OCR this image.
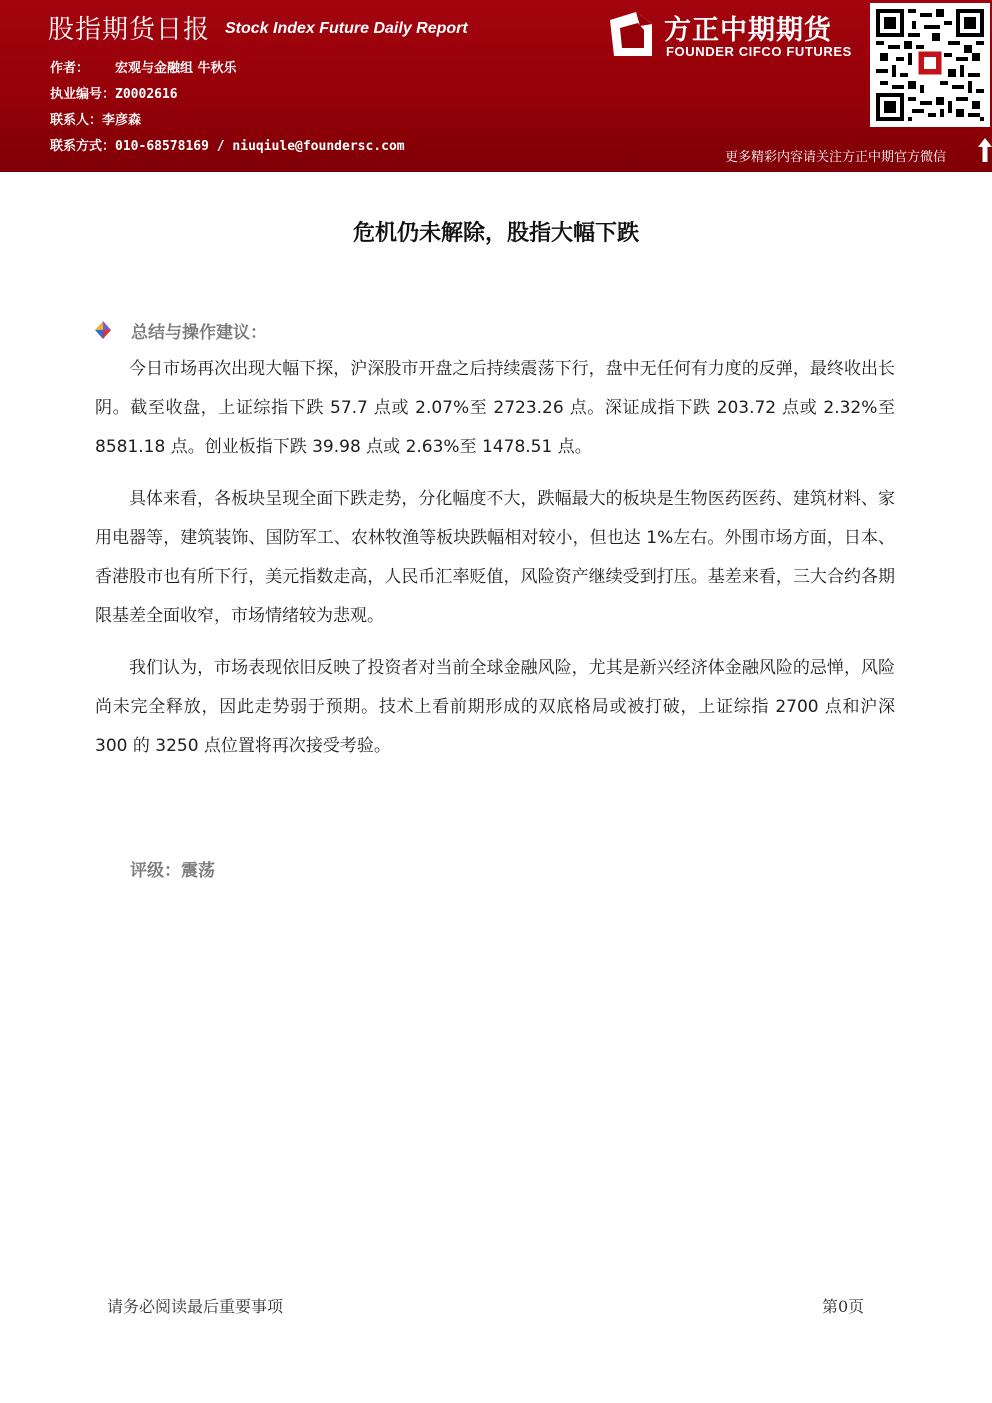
股指期货日报 Stock Index Future Daily Report
作者： 宏观与金融组 牛秋乐
执业编号：Z0002616
联系人：李彦森
联系方式：010-68578169 / niuqiule@foundersc.com
方正中期期货
FOUNDER CIFCO FUTURES
更多精彩内容请关注方正中期官方微信
危机仍未解除，股指大幅下跌
总结与操作建议：
今日市场再次出现大幅下探，沪深股市开盘之后持续震荡下行，盘中无任何有力度的反弹，最终收出长阴。截至收盘，上证综指下跌 57.7 点或 2.07%至 2723.26 点。深证成指下跌 203.72 点或 2.32%至 8581.18 点。创业板指下跌 39.98 点或 2.63%至 1478.51 点。
具体来看，各板块呈现全面下跌走势，分化幅度不大，跌幅最大的板块是生物医药医药、建筑材料、家用电器等，建筑装饰、国防军工、农林牧渔等板块跌幅相对较小，但也达 1%左右。外围市场方面，日本、香港股市也有所下行，美元指数走高，人民币汇率贬值，风险资产继续受到打压。基差来看，三大合约各期限基差全面收窄，市场情绪较为悲观。
我们认为，市场表现依旧反映了投资者对当前全球金融风险，尤其是新兴经济体金融风险的忌惮，风险尚未完全释放，因此走势弱于预期。技术上看前期形成的双底格局或被打破，上证综指 2700 点和沪深 300 的 3250 点位置将再次接受考验。
评级：震荡
请务必阅读最后重要事项	第0页
